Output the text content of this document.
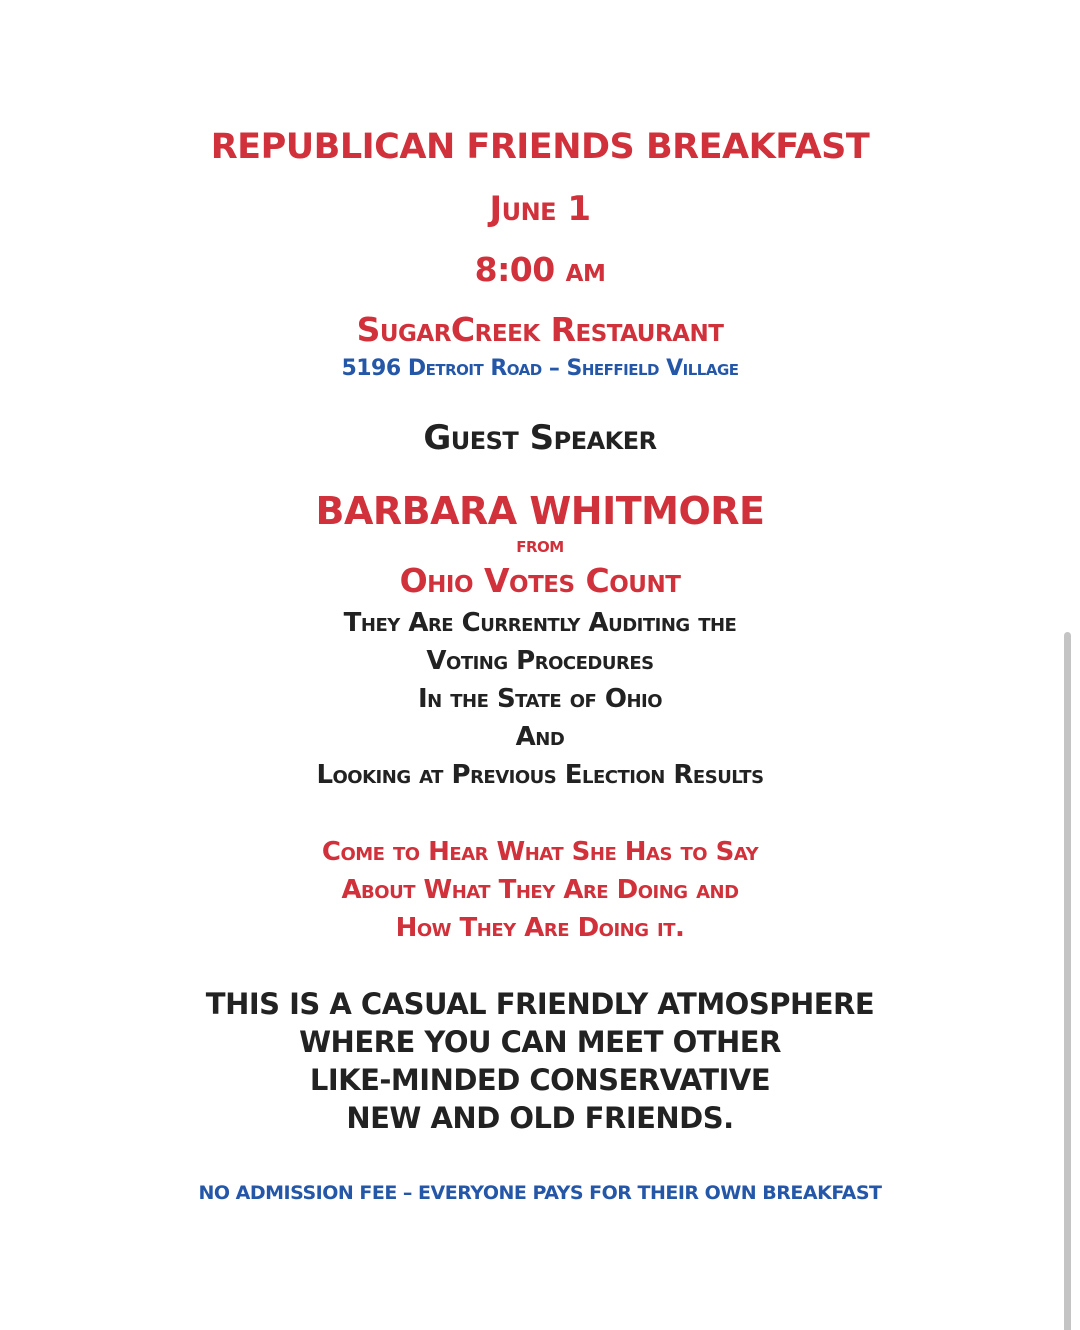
REPUBLICAN FRIENDS BREAKFAST
June 1
8:00 am
SugarCreek Restaurant
5196 Detroit Road – Sheffield Village
Guest Speaker
BARBARA WHITMORE
FROM
Ohio Votes Count
They Are Currently Auditing the
Voting Procedures
In the State of Ohio
And
Looking at Previous Election Results
Come to Hear What She Has to Say
About What They Are Doing and
How They Are Doing it.
THIS IS A CASUAL FRIENDLY ATMOSPHERE
WHERE YOU CAN MEET OTHER
LIKE-MINDED CONSERVATIVE
NEW AND OLD FRIENDS.
NO ADMISSION FEE – EVERYONE PAYS FOR THEIR OWN BREAKFAST
